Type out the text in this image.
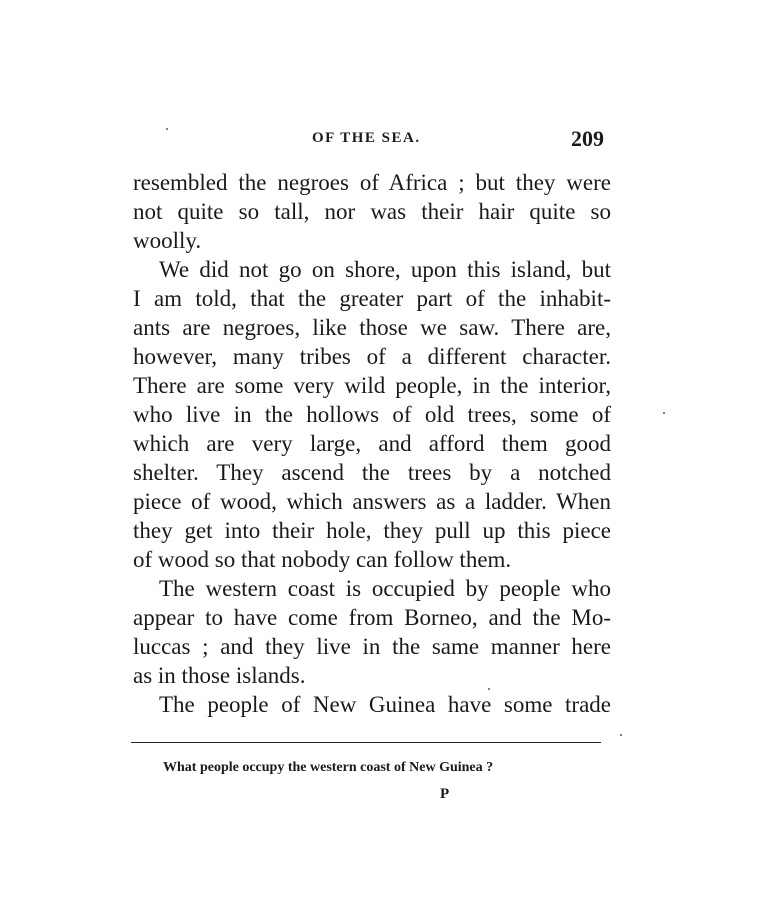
OF THE SEA.	209
resembled the negroes of Africa ; but they were
not quite so tall, nor was their hair quite so
woolly.
We did not go on shore, upon this island, but
I am told, that the greater part of the inhabit-
ants are negroes, like those we saw. There are,
however, many tribes of a different character.
There are some very wild people, in the interior,
who live in the hollows of old trees, some of
which are very large, and afford them good
shelter. They ascend the trees by a notched
piece of wood, which answers as a ladder. When
they get into their hole, they pull up this piece
of wood so that nobody can follow them.
The western coast is occupied by people who
appear to have come from Borneo, and the Mo-
luccas ; and they live in the same manner here
as in those islands.
The people of New Guinea have some trade
What people occupy the western coast of New Guinea ?
P
